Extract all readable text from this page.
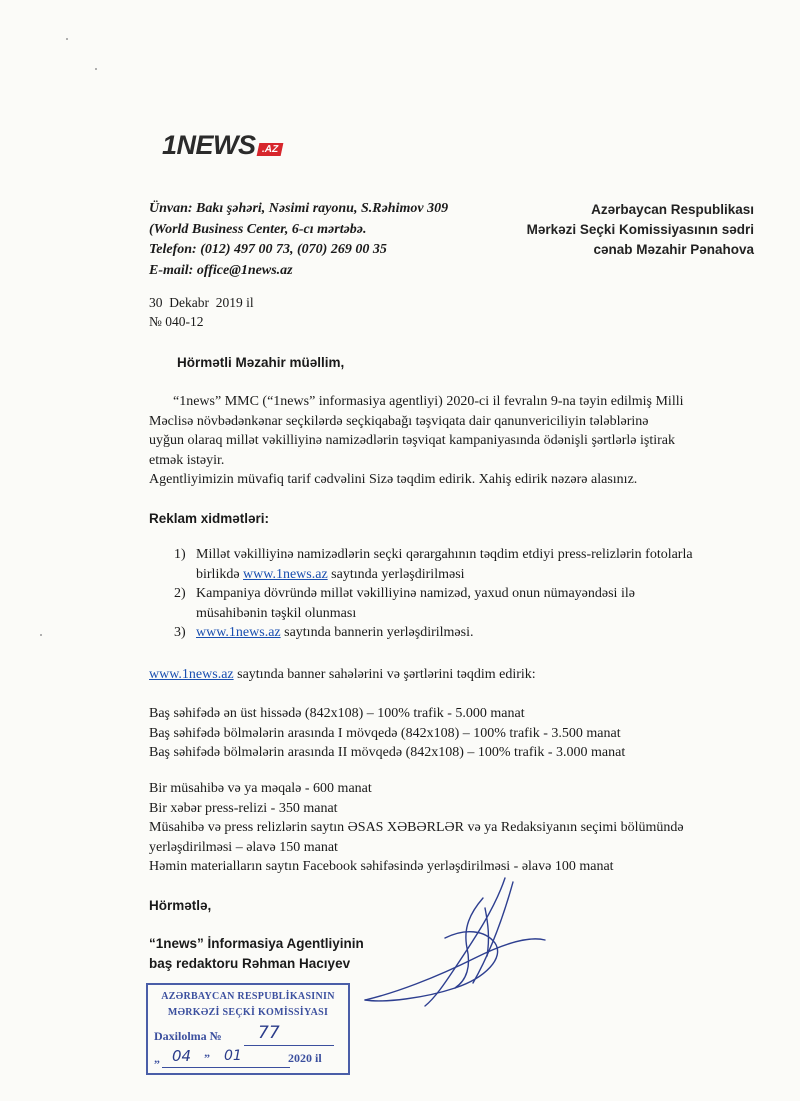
1NEWS .AZ
Ünvan: Bakı şəhəri, Nəsimi rayonu, S.Rəhimov 309
(World Business Center, 6-cı mərtəbə.
Telefon: (012) 497 00 73, (070) 269 00 35
E-mail: office@1news.az
Azərbaycan Respublikası
Mərkəzi Seçki Komissiyasının sədri
cənab Məzahir Pənahova
30  Dekabr  2019 il
№ 040-12
Hörmətli Məzahir müəllim,
“1news” MMC (“1news” informasiya agentliyi) 2020-ci il fevralın 9-na təyin edilmiş Milli
Məclisə növbədənkənar seçkilərdə seçkiqabağı təşviqata dair qanunvericiliyin tələblərinə
uyğun olaraq millət vəkilliyinə namizədlərin təşviqat kampaniyasında ödənişli şərtlərlə iştirak
etmək istəyir.
Agentliyimizin müvafiq tarif cədvəlini Sizə təqdim edirik. Xahiş edirik nəzərə alasınız.
Reklam xidmətləri:
1) Millət vəkilliyinə namizədlərin seçki qərargahının təqdim etdiyi press-relizlərin fotolarla
birlikdə www.1news.az saytında yerləşdirilməsi
2) Kampaniya dövründə millət vəkilliyinə namizəd, yaxud onun nümayəndəsi ilə
müsahibənin təşkil olunması
3) www.1news.az saytında bannerin yerləşdirilməsi.
www.1news.az saytında banner sahələrini və şərtlərini təqdim edirik:
Baş səhifədə ən üst hissədə (842x108) – 100% trafik - 5.000 manat
Baş səhifədə bölmələrin arasında I mövqedə (842x108) – 100% trafik - 3.500 manat
Baş səhifədə bölmələrin arasında II mövqedə (842x108) – 100% trafik - 3.000 manat
Bir müsahibə və ya məqalə - 600 manat
Bir xəbər press-relizi - 350 manat
Müsahibə və press relizlərin saytın ƏSAS XƏBƏRLƏR və ya Redaksiyanın seçimi bölümündə
yerləşdirilməsi – əlavə 150 manat
Həmin materialların saytın Facebook səhifəsində yerləşdirilməsi - əlavə 100 manat
Hörmətlə,
“1news” İnformasiya Agentliyinin
baş redaktoru Rəhman Hacıyev
AZƏRBAYCAN RESPUBLİKASININ
MƏRKƏZİ SEÇKİ KOMİSSİYASI
Daxilolma № 77
„ 04 ” 01	2020 il
